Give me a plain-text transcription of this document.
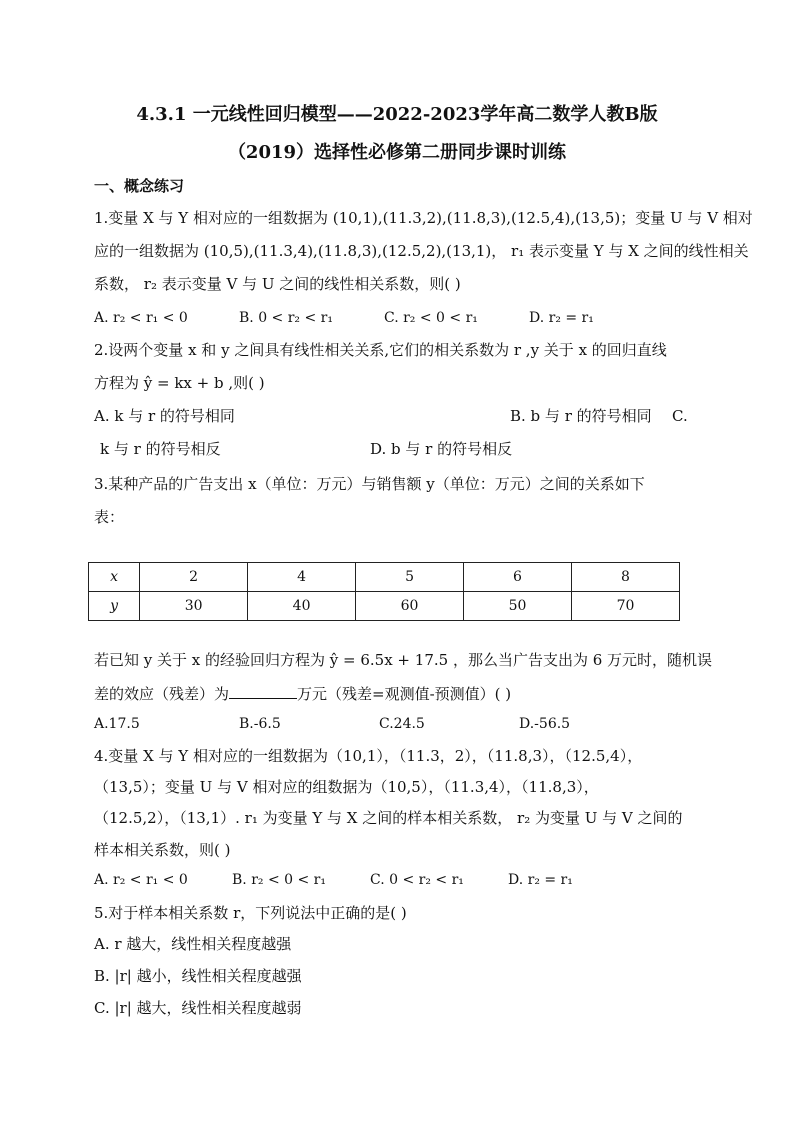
4.3.1 一元线性回归模型——2022-2023学年高二数学人教B版
（2019）选择性必修第二册同步课时训练
一、概念练习
1.变量 X 与 Y 相对应的一组数据为 (10,1),(11.3,2),(11.8,3),(12.5,4),(13,5)；变量 U 与 V 相对
应的一组数据为 (10,5),(11.3,4),(11.8,3),(12.5,2),(13,1)， r₁ 表示变量 Y 与 X 之间的线性相关
系数， r₂ 表示变量 V 与 U 之间的线性相关系数，则( )
A. r₂ < r₁ < 0	B. 0 < r₂ < r₁	C. r₂ < 0 < r₁	D. r₂ = r₁
2.设两个变量 x 和 y 之间具有线性相关关系,它们的相关系数为 r ,y 关于 x 的回归直线
方程为 ŷ = kx + b ,则( )
A. k 与 r 的符号相同	B. b 与 r 的符号相同 C.
k 与 r 的符号相反	D. b 与 r 的符号相反
3.某种产品的广告支出 x（单位：万元）与销售额 y（单位：万元）之间的关系如下
表：
x	2	4	5	6	8
y	30	40	60	50	70
若已知 y 关于 x 的经验回归方程为 ŷ = 6.5x + 17.5 ，那么当广告支出为 6 万元时，随机误
差的效应（残差）为	万元（残差=观测值-预测值）( )
A.17.5	B.-6.5	C.24.5	D.-56.5
4.变量 X 与 Y 相对应的一组数据为（10,1），（11.3，2），（11.8,3），（12.5,4），
（13,5）；变量 U 与 V 相对应的组数据为（10,5），（11.3,4），（11.8,3），
（12.5,2），（13,1）. r₁ 为变量 Y 与 X 之间的样本相关系数， r₂ 为变量 U 与 V 之间的
样本相关系数，则( )
A. r₂ < r₁ < 0	B. r₂ < 0 < r₁	C. 0 < r₂ < r₁	D. r₂ = r₁
5.对于样本相关系数 r，下列说法中正确的是( )
A. r 越大，线性相关程度越强
B. |r| 越小，线性相关程度越强
C. |r| 越大，线性相关程度越弱
